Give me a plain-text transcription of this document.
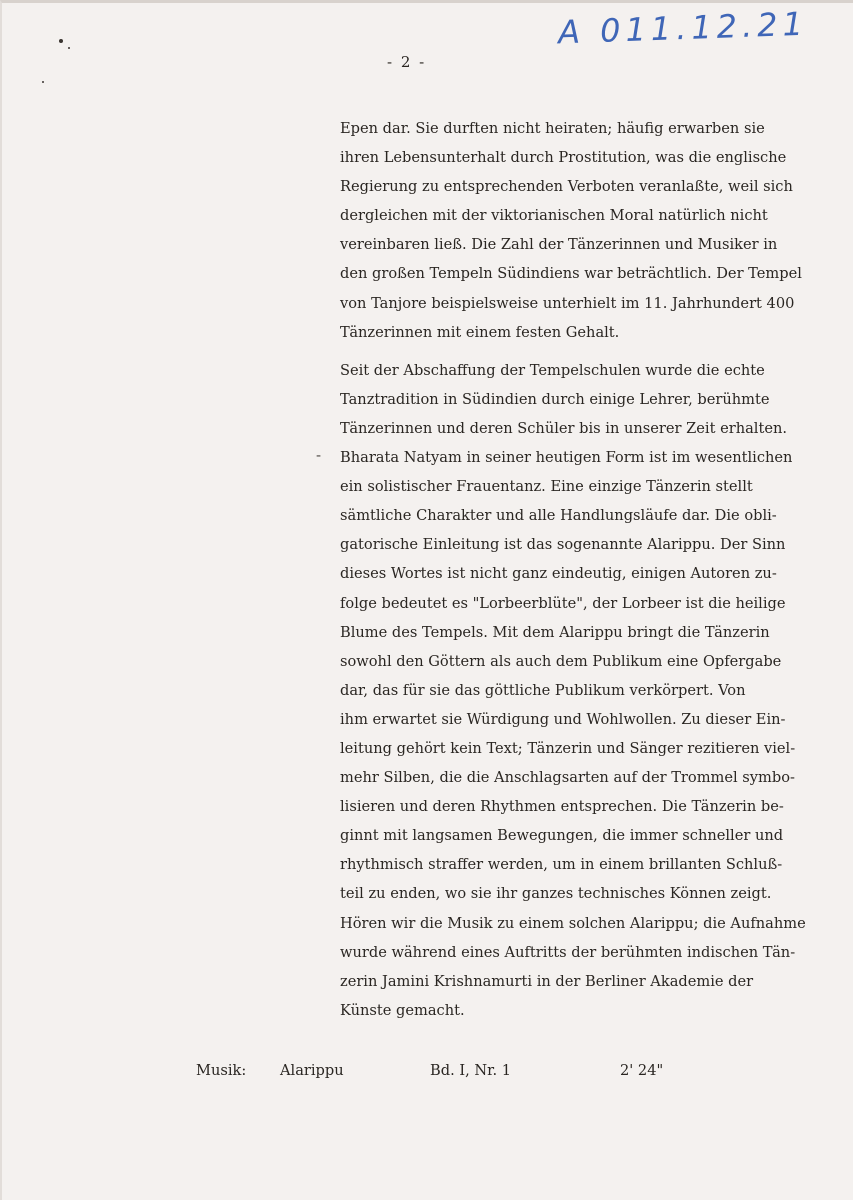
A 011.12.21
- 2 -
-
Epen dar. Sie durften nicht heiraten; häufig erwarben sie
ihren Lebensunterhalt durch Prostitution, was die englische
Regierung zu entsprechenden Verboten veranlaßte, weil sich
dergleichen mit der viktorianischen Moral natürlich nicht
vereinbaren ließ. Die Zahl der Tänzerinnen und Musiker in
den großen Tempeln Südindiens war beträchtlich. Der Tempel
von Tanjore beispielsweise unterhielt im 11. Jahrhundert 400
Tänzerinnen mit einem festen Gehalt.
Seit der Abschaffung der Tempelschulen wurde die echte
Tanztradition in Südindien durch einige Lehrer, berühmte
Tänzerinnen und deren Schüler bis in unserer Zeit erhalten.
Bharata Natyam in seiner heutigen Form ist im wesentlichen
ein solistischer Frauentanz. Eine einzige Tänzerin stellt
sämtliche Charakter und alle Handlungsläufe dar. Die obli-
gatorische Einleitung ist das sogenannte Alarippu. Der Sinn
dieses Wortes ist nicht ganz eindeutig, einigen Autoren zu-
folge bedeutet es "Lorbeerblüte", der Lorbeer ist die heilige
Blume des Tempels. Mit dem Alarippu bringt die Tänzerin
sowohl den Göttern als auch dem Publikum eine Opfergabe
dar, das für sie das göttliche Publikum verkörpert. Von
ihm erwartet sie Würdigung und Wohlwollen. Zu dieser Ein-
leitung gehört kein Text; Tänzerin und Sänger rezitieren viel-
mehr Silben, die die Anschlagsarten auf der Trommel symbo-
lisieren und deren Rhythmen entsprechen. Die Tänzerin be-
ginnt mit langsamen Bewegungen, die immer schneller und
rhythmisch straffer werden, um in einem brillanten Schluß-
teil zu enden, wo sie ihr ganzes technisches Können zeigt.
Hören wir die Musik zu einem solchen Alarippu; die Aufnahme
wurde während eines Auftritts der berühmten indischen Tän-
zerin Jamini Krishnamurti in der Berliner Akademie der
Künste gemacht.
Musik: Alarippu	Bd. I, Nr. 1	2' 24"
